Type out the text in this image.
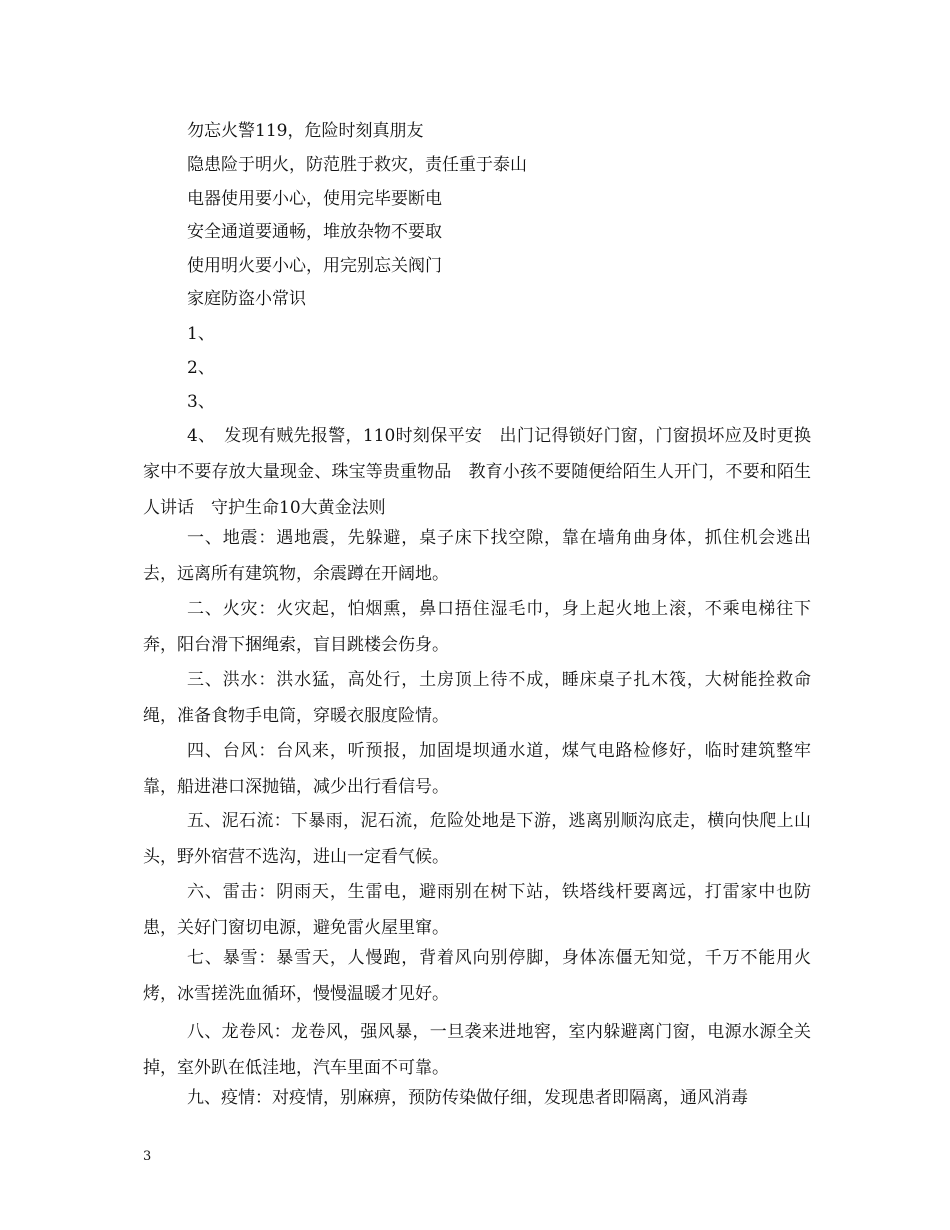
勿忘火警119，危险时刻真朋友
隐患险于明火，防范胜于救灾，责任重于泰山
电器使用要小心，使用完毕要断电
安全通道要通畅，堆放杂物不要取
使用明火要小心，用完别忘关阀门
家庭防盗小常识
1、
2、
3、
4、　发现有贼先报警，110时刻保平安　出门记得锁好门窗，门窗损坏应及时更换　家中不要存放大量现金、珠宝等贵重物品　教育小孩不要随便给陌生人开门，不要和陌生人讲话　守护生命10大黄金法则
一、地震：遇地震，先躲避，桌子床下找空隙，靠在墙角曲身体，抓住机会逃出去，远离所有建筑物，余震蹲在开阔地。
二、火灾：火灾起，怕烟熏，鼻口捂住湿毛巾，身上起火地上滚，不乘电梯往下奔，阳台滑下捆绳索，盲目跳楼会伤身。
三、洪水：洪水猛，高处行，土房顶上待不成，睡床桌子扎木筏，大树能拴救命绳，准备食物手电筒，穿暖衣服度险情。
四、台风：台风来，听预报，加固堤坝通水道，煤气电路检修好，临时建筑整牢靠，船进港口深抛锚，减少出行看信号。
五、泥石流：下暴雨，泥石流，危险处地是下游，逃离别顺沟底走，横向快爬上山头，野外宿营不选沟，进山一定看气候。
六、雷击：阴雨天，生雷电，避雨别在树下站，铁塔线杆要离远，打雷家中也防患，关好门窗切电源，避免雷火屋里窜。
七、暴雪：暴雪天，人慢跑，背着风向别停脚，身体冻僵无知觉，千万不能用火烤，冰雪搓洗血循环，慢慢温暖才见好。
八、龙卷风：龙卷风，强风暴，一旦袭来进地窖，室内躲避离门窗，电源水源全关掉，室外趴在低洼地，汽车里面不可靠。
九、疫情：对疫情，别麻痹，预防传染做仔细，发现患者即隔离，通风消毒
3
